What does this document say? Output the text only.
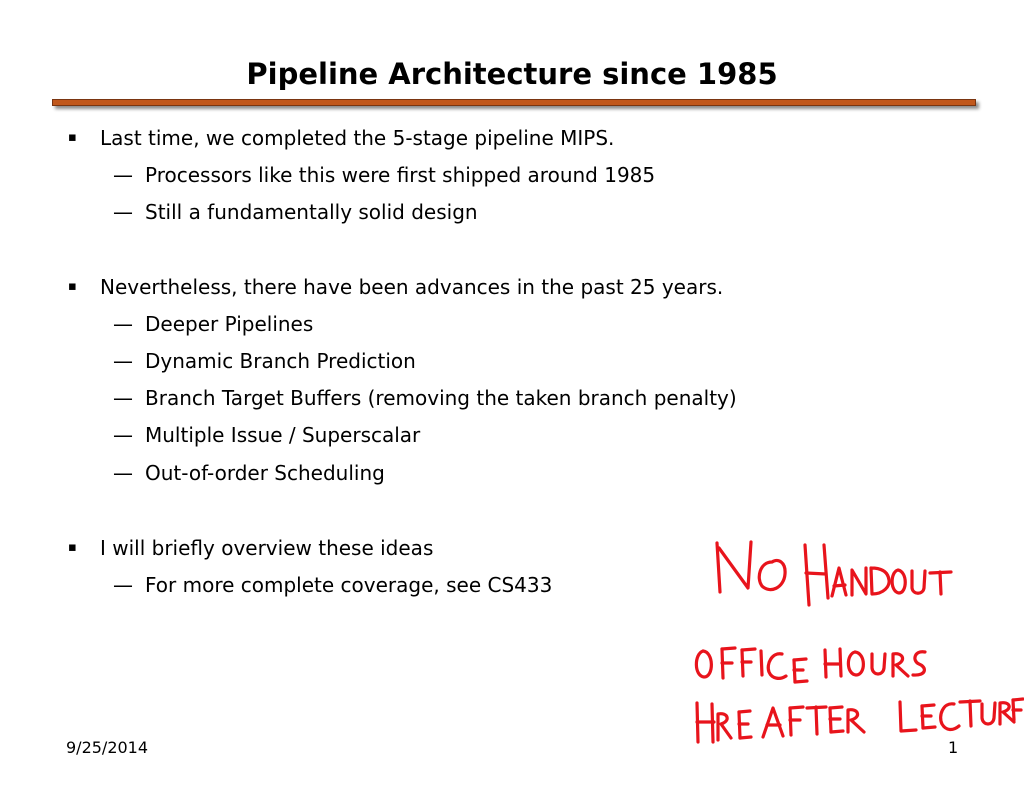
Pipeline Architecture since 1985
▪ Last time, we completed the 5-stage pipeline MIPS.
— Processors like this were first shipped around 1985
— Still a fundamentally solid design
▪ Nevertheless, there have been advances in the past 25 years.
— Deeper Pipelines
— Dynamic Branch Prediction
— Branch Target Buffers (removing the taken branch penalty)
— Multiple Issue / Superscalar
— Out-of-order Scheduling
▪ I will briefly overview these ideas
— For more complete coverage, see CS433
9/25/2014	1
